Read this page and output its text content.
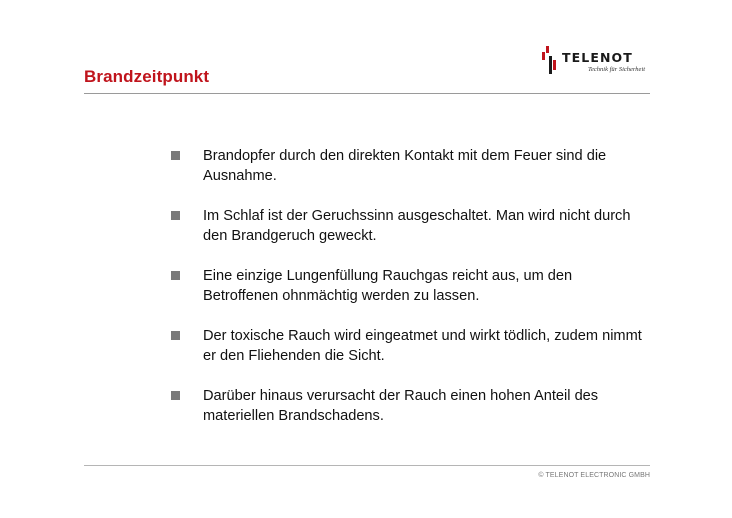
Brandzeitpunkt
TELENOT
Technik für Sicherheit
Brandopfer durch den direkten Kontakt mit dem Feuer sind die Ausnahme.
Im Schlaf ist der Geruchssinn ausgeschaltet. Man wird nicht durch den Brandgeruch geweckt.
Eine einzige Lungenfüllung Rauchgas reicht aus, um den Betroffenen ohnmächtig werden zu lassen.
Der toxische Rauch wird eingeatmet und wirkt tödlich, zudem nimmt er den Fliehenden die Sicht.
Darüber hinaus verursacht der Rauch einen hohen Anteil des materiellen Brandschadens.
© TELENOT ELECTRONIC GMBH
